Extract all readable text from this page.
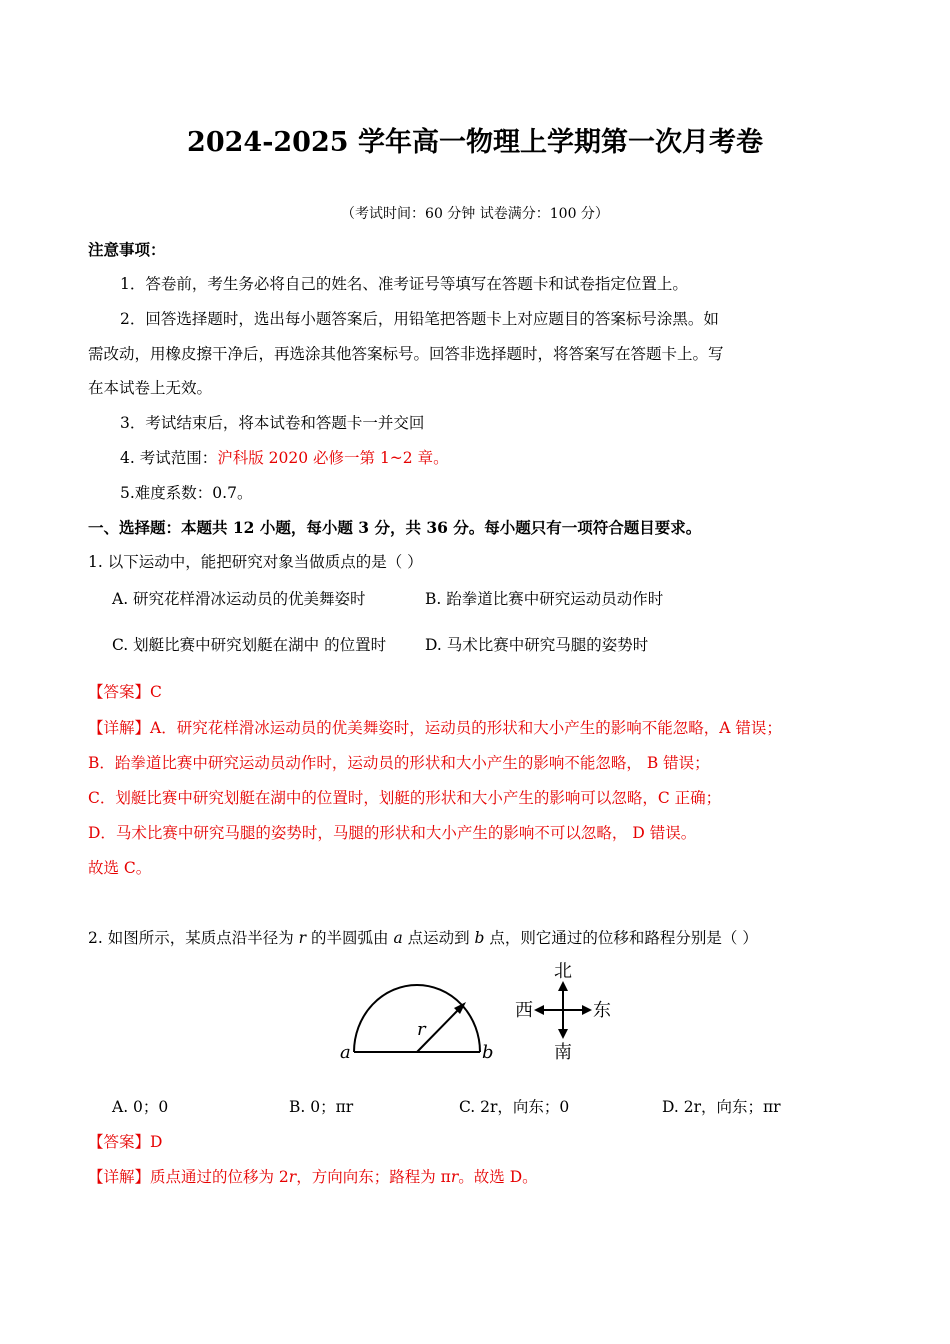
2024-2025 学年高一物理上学期第一次月考卷
（考试时间：60 分钟 试卷满分：100 分）
注意事项：
1．答卷前，考生务必将自己的姓名、准考证号等填写在答题卡和试卷指定位置上。
2．回答选择题时，选出每小题答案后，用铅笔把答题卡上对应题目的答案标号涂黑。如
需改动，用橡皮擦干净后，再选涂其他答案标号。回答非选择题时，将答案写在答题卡上。写
在本试卷上无效。
3．考试结束后，将本试卷和答题卡一并交回
4. 考试范围：沪科版 2020 必修一第 1~2 章。
5.难度系数：0.7。
一、选择题：本题共 12 小题，每小题 3 分，共 36 分。每小题只有一项符合题目要求。
1. 以下运动中，能把研究对象当做质点的是（ ）
A. 研究花样滑冰运动员的优美舞姿时	B. 跆拳道比赛中研究运动员动作时
C. 划艇比赛中研究划艇在湖中 的位置时	D. 马术比赛中研究马腿的姿势时
【答案】C
【详解】A．研究花样滑冰运动员的优美舞姿时，运动员的形状和大小产生的影响不能忽略，A 错误；
B．跆拳道比赛中研究运动员动作时，运动员的形状和大小产生的影响不能忽略， B 错误；
C．划艇比赛中研究划艇在湖中的位置时，划艇的形状和大小产生的影响可以忽略，C 正确；
D．马术比赛中研究马腿的姿势时，马腿的形状和大小产生的影响不可以忽略， D 错误。
故选 C。
2. 如图所示，某质点沿半径为 r 的半圆弧由 a 点运动到 b 点，则它通过的位移和路程分别是（ ）
a	b
r
北
南
西	东
A. 0；0	B. 0；πr	C. 2r，向东；0	D. 2r，向东；πr
【答案】D
【详解】质点通过的位移为 2r，方向向东；路程为 πr。故选 D。
